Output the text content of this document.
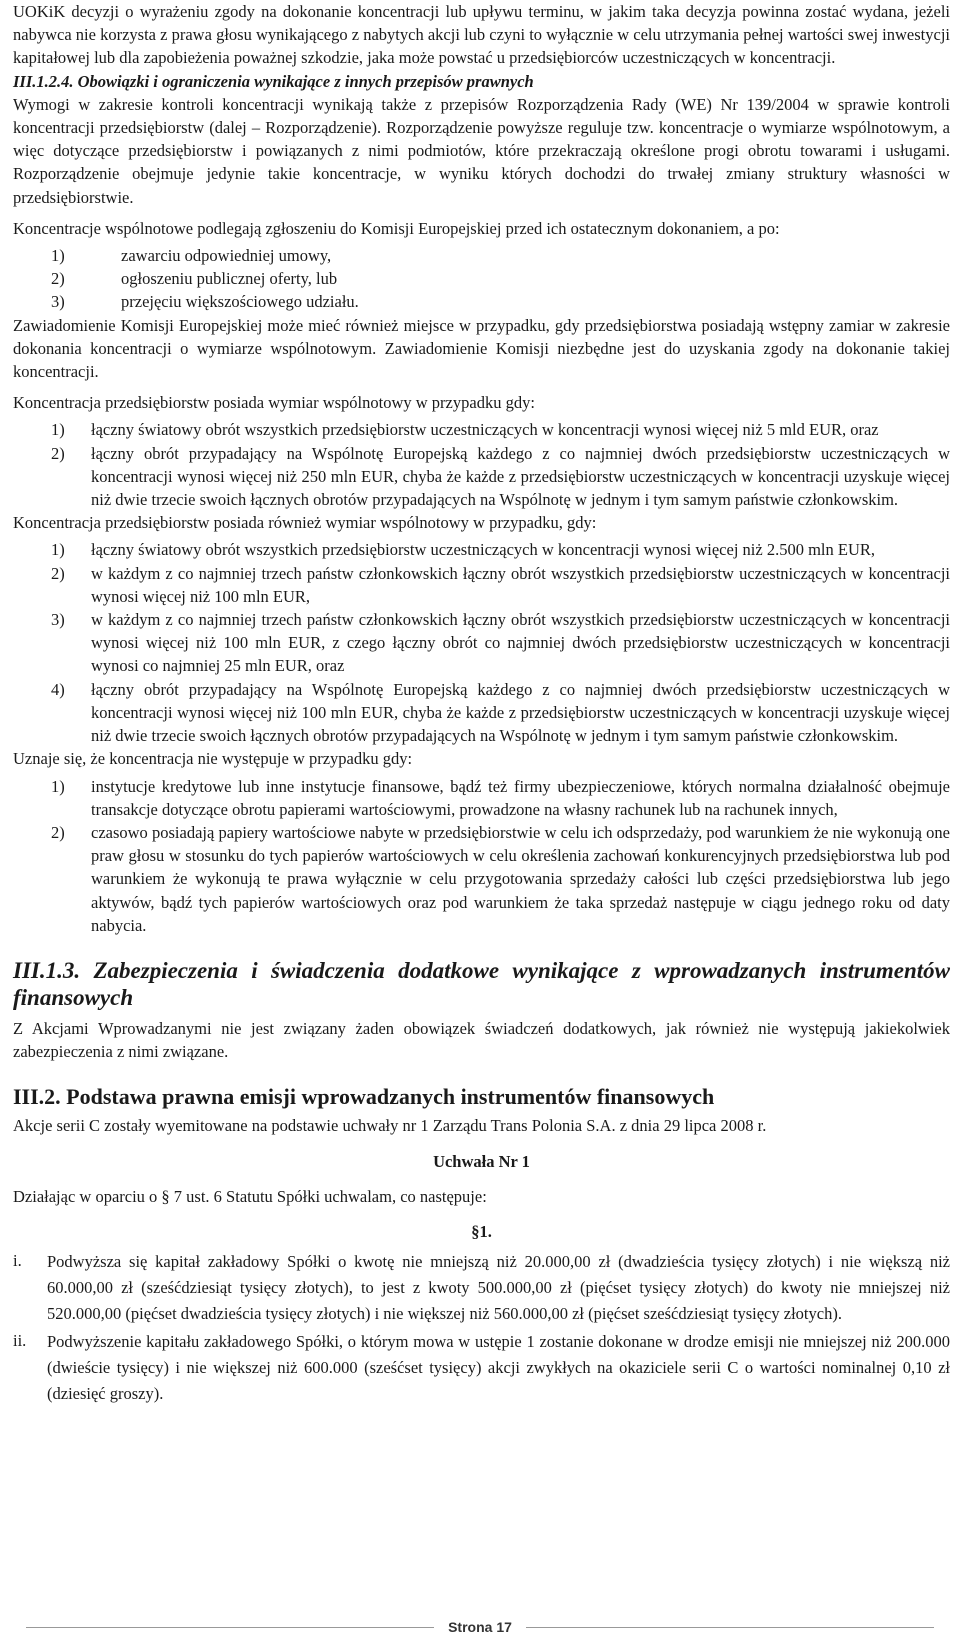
UOKiK decyzji o wyrażeniu zgody na dokonanie koncentracji lub upływu terminu, w jakim taka decyzja powinna zostać wydana, jeżeli nabywca nie korzysta z prawa głosu wynikającego z nabytych akcji lub czyni to wyłącznie w celu utrzymania pełnej wartości swej inwestycji kapitałowej lub dla zapobieżenia poważnej szkodzie, jaka może powstać u przedsiębiorców uczestniczących w koncentracji.

III.1.2.4. Obowiązki i ograniczenia wynikające z innych przepisów prawnych

Wymogi w zakresie kontroli koncentracji wynikają także z przepisów Rozporządzenia Rady (WE) Nr 139/2004 w sprawie kontroli koncentracji przedsiębiorstw (dalej – Rozporządzenie). Rozporządzenie powyższe reguluje tzw. koncentracje o wymiarze wspólnotowym, a więc dotyczące przedsiębiorstw i powiązanych z nimi podmiotów, które przekraczają określone progi obrotu towarami i usługami. Rozporządzenie obejmuje jedynie takie koncentracje, w wyniku których dochodzi do trwałej zmiany struktury własności w przedsiębiorstwie.

Koncentracje wspólnotowe podlegają zgłoszeniu do Komisji Europejskiej przed ich ostatecznym dokonaniem, a po:

1)	zawarciu odpowiedniej umowy,
2)	ogłoszeniu publicznej oferty, lub
3)	przejęciu większościowego udziału.

Zawiadomienie Komisji Europejskiej może mieć również miejsce w przypadku, gdy przedsiębiorstwa posiadają wstępny zamiar w zakresie dokonania koncentracji o wymiarze wspólnotowym. Zawiadomienie Komisji niezbędne jest do uzyskania zgody na dokonanie takiej koncentracji.

Koncentracja przedsiębiorstw posiada wymiar wspólnotowy w przypadku gdy:

1)	łączny światowy obrót wszystkich przedsiębiorstw uczestniczących w koncentracji wynosi więcej niż 5 mld EUR, oraz
2)	łączny obrót przypadający na Wspólnotę Europejską każdego z co najmniej dwóch przedsiębiorstw uczestniczących w koncentracji wynosi więcej niż 250 mln EUR, chyba że każde z przedsiębiorstw uczestniczących w koncentracji uzyskuje więcej niż dwie trzecie swoich łącznych obrotów przypadających na Wspólnotę w jednym i tym samym państwie członkowskim.

Koncentracja przedsiębiorstw posiada również wymiar wspólnotowy w przypadku, gdy:

1)	łączny światowy obrót wszystkich przedsiębiorstw uczestniczących w koncentracji wynosi więcej niż 2.500 mln EUR,
2)	w każdym z co najmniej trzech państw członkowskich łączny obrót wszystkich przedsiębiorstw uczestniczących w koncentracji wynosi więcej niż 100 mln EUR,
3)	w każdym z co najmniej trzech państw członkowskich łączny obrót wszystkich przedsiębiorstw uczestniczących w koncentracji wynosi więcej niż 100 mln EUR, z czego łączny obrót co najmniej dwóch przedsiębiorstw uczestniczących w koncentracji wynosi co najmniej 25 mln EUR, oraz
4)	łączny obrót przypadający na Wspólnotę Europejską każdego z co najmniej dwóch przedsiębiorstw uczestniczących w koncentracji wynosi więcej niż 100 mln EUR, chyba że każde z przedsiębiorstw uczestniczących w koncentracji uzyskuje więcej niż dwie trzecie swoich łącznych obrotów przypadających na Wspólnotę w jednym i tym samym państwie członkowskim.

Uznaje się, że koncentracja nie występuje w przypadku gdy:

1)	instytucje kredytowe lub inne instytucje finansowe, bądź też firmy ubezpieczeniowe, których normalna działalność obejmuje transakcje dotyczące obrotu papierami wartościowymi, prowadzone na własny rachunek lub na rachunek innych,
2)	czasowo posiadają papiery wartościowe nabyte w przedsiębiorstwie w celu ich odsprzedaży, pod warunkiem że nie wykonują one praw głosu w stosunku do tych papierów wartościowych w celu określenia zachowań konkurencyjnych przedsiębiorstwa lub pod warunkiem że wykonują te prawa wyłącznie w celu przygotowania sprzedaży całości lub części przedsiębiorstwa lub jego aktywów, bądź tych papierów wartościowych oraz pod warunkiem że taka sprzedaż następuje w ciągu jednego roku od daty nabycia.

III.1.3. Zabezpieczenia i świadczenia dodatkowe wynikające z wprowadzanych instrumentów finansowych

Z Akcjami Wprowadzanymi nie jest związany żaden obowiązek świadczeń dodatkowych, jak również nie występują jakiekolwiek zabezpieczenia z nimi związane.

III.2. Podstawa prawna emisji wprowadzanych instrumentów finansowych

Akcje serii C zostały wyemitowane na podstawie uchwały nr 1 Zarządu Trans Polonia S.A. z dnia 29 lipca 2008 r.

Uchwała Nr 1

Działając w oparciu o § 7 ust. 6 Statutu Spółki uchwalam, co następuje:

§1.

i.	Podwyższa się kapitał zakładowy Spółki o kwotę nie mniejszą niż 20.000,00 zł (dwadzieścia tysięcy złotych) i nie większą niż 60.000,00 zł (sześćdziesiąt tysięcy złotych), to jest z kwoty 500.000,00 zł (pięćset tysięcy złotych) do kwoty nie mniejszej niż 520.000,00 (pięćset dwadzieścia tysięcy złotych) i nie większej niż 560.000,00 zł (pięćset sześćdziesiąt tysięcy złotych).

ii.	Podwyższenie kapitału zakładowego Spółki, o którym mowa w ustępie 1 zostanie dokonane w drodze emisji nie mniejszej niż 200.000 (dwieście tysięcy) i nie większej niż 600.000 (sześćset tysięcy) akcji zwykłych na okaziciele serii C o wartości nominalnej 0,10 zł (dziesięć groszy).

Strona 17
